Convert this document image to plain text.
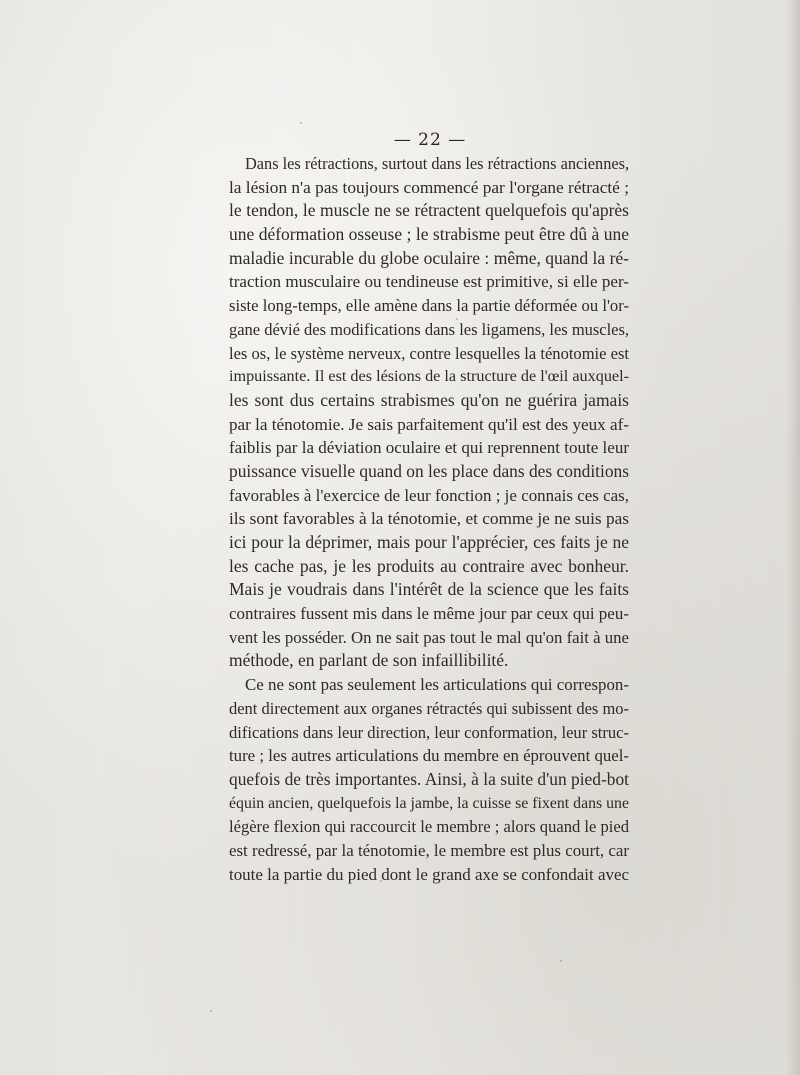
— 22 —
Dans les rétractions, surtout dans les rétractions anciennes,
la lésion n'a pas toujours commencé par l'organe rétracté ;
le tendon, le muscle ne se rétractent quelquefois qu'après
une déformation osseuse ; le strabisme peut être dû à une
maladie incurable du globe oculaire : même, quand la ré-
traction musculaire ou tendineuse est primitive, si elle per-
siste long-temps, elle amène dans la partie déformée ou l'or-
gane dévié des modifications dans les ligamens, les muscles,
les os, le système nerveux, contre lesquelles la ténotomie est
impuissante. Il est des lésions de la structure de l'œil auxquel-
les sont dus certains strabismes qu'on ne guérira jamais
par la ténotomie. Je sais parfaitement qu'il est des yeux af-
faiblis par la déviation oculaire et qui reprennent toute leur
puissance visuelle quand on les place dans des conditions
favorables à l'exercice de leur fonction ; je connais ces cas,
ils sont favorables à la ténotomie, et comme je ne suis pas
ici pour la déprimer, mais pour l'apprécier, ces faits je ne
les cache pas, je les produits au contraire avec bonheur.
Mais je voudrais dans l'intérêt de la science que les faits
contraires fussent mis dans le même jour par ceux qui peu-
vent les posséder. On ne sait pas tout le mal qu'on fait à une
méthode, en parlant de son infaillibilité.
Ce ne sont pas seulement les articulations qui correspon-
dent directement aux organes rétractés qui subissent des mo-
difications dans leur direction, leur conformation, leur struc-
ture ; les autres articulations du membre en éprouvent quel-
quefois de très importantes. Ainsi, à la suite d'un pied-bot
équin ancien, quelquefois la jambe, la cuisse se fixent dans une
légère flexion qui raccourcit le membre ; alors quand le pied
est redressé, par la ténotomie, le membre est plus court, car
toute la partie du pied dont le grand axe se confondait avec
